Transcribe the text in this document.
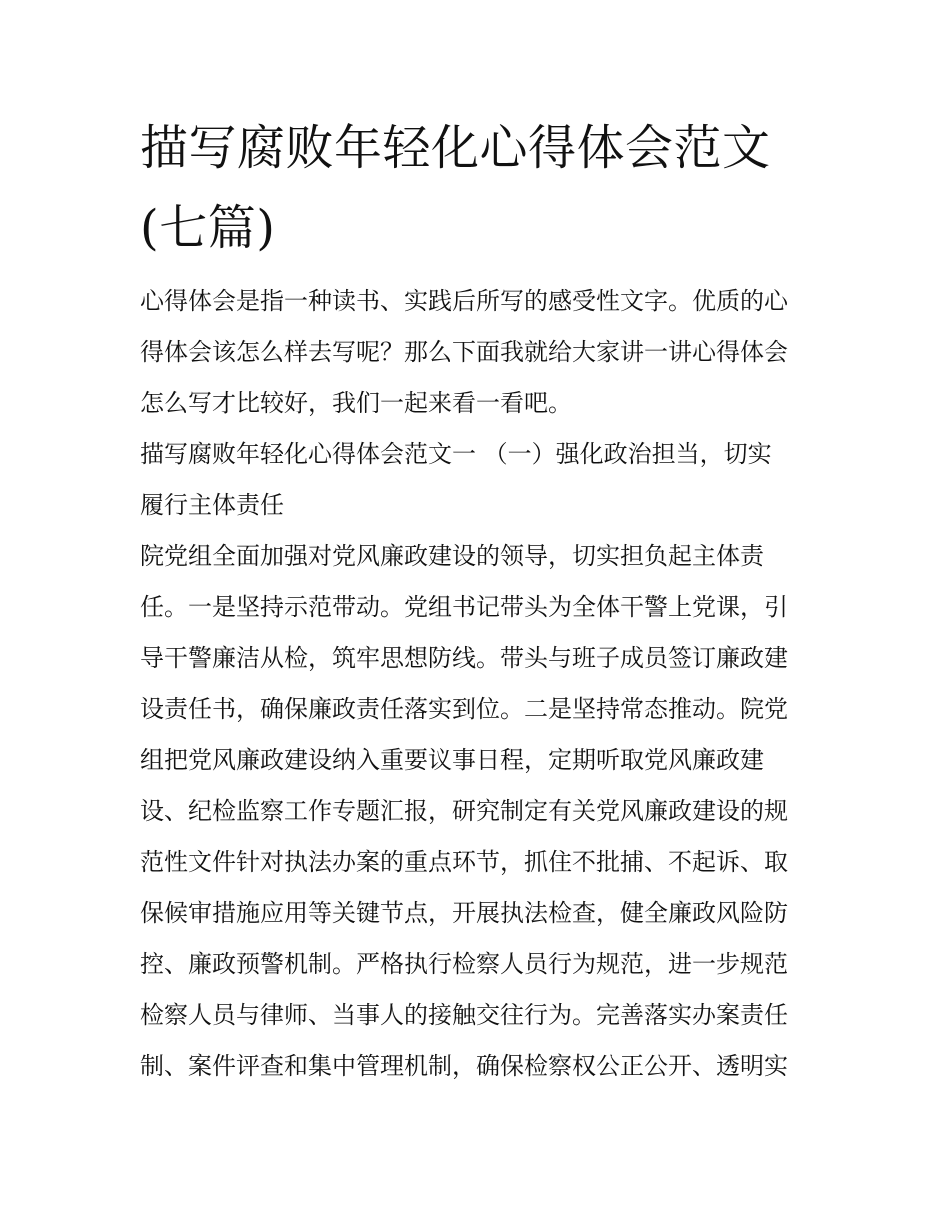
描写腐败年轻化心得体会范文
(七篇)
心得体会是指一种读书、实践后所写的感受性文字。优质的心
得体会该怎么样去写呢？那么下面我就给大家讲一讲心得体会
怎么写才比较好，我们一起来看一看吧。
描写腐败年轻化心得体会范文一 （一）强化政治担当，切实
履行主体责任
院党组全面加强对党风廉政建设的领导，切实担负起主体责
任。一是坚持示范带动。党组书记带头为全体干警上党课，引
导干警廉洁从检，筑牢思想防线。带头与班子成员签订廉政建
设责任书，确保廉政责任落实到位。二是坚持常态推动。院党
组把党风廉政建设纳入重要议事日程，定期听取党风廉政建
设、纪检监察工作专题汇报，研究制定有关党风廉政建设的规
范性文件针对执法办案的重点环节，抓住不批捕、不起诉、取
保候审措施应用等关键节点，开展执法检查，健全廉政风险防
控、廉政预警机制。严格执行检察人员行为规范，进一步规范
检察人员与律师、当事人的接触交往行为。完善落实办案责任
制、案件评查和集中管理机制，确保检察权公正公开、透明实
